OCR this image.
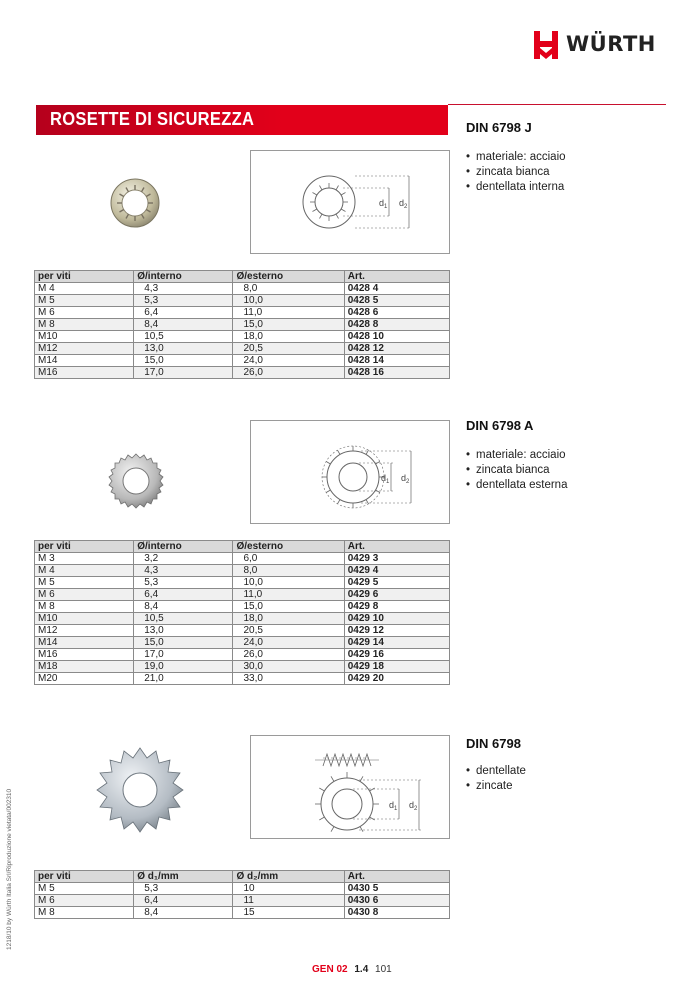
WÜRTH
ROSETTE DI SICUREZZA	DIN 6798 J
• materiale: acciaio
• zincata bianca
• dentellata interna
$d_1$ $d_2$
per viti	Ø/interno	Ø/esterno	Art.
M 4	4,3	8,0	0428 4
M 5	5,3	10,0	0428 5
M 6	6,4	11,0	0428 6
M 8	8,4	15,0	0428 8
M10	10,5	18,0	0428 10
M12	13,0	20,5	0428 12
M14	15,0	24,0	0428 14
M16	17,0	26,0	0428 16
DIN 6798 A
• materiale: acciaio
• zincata bianca
• dentellata esterna
$d_1$ $d_2$
per viti	Ø/interno	Ø/esterno	Art.
M 3	3,2	6,0	0429 3
M 4	4,3	8,0	0429 4
M 5	5,3	10,0	0429 5
M 6	6,4	11,0	0429 6
M 8	8,4	15,0	0429 8
M10	10,5	18,0	0429 10
M12	13,0	20,5	0429 12
M14	15,0	24,0	0429 14
M16	17,0	26,0	0429 16
M18	19,0	30,0	0429 18
M20	21,0	33,0	0429 20
DIN 6798
• dentellate
• zincate
$d_1$ $d_2$
per viti	Ø d₁/mm	Ø d₂/mm	Art.
M 5	5,3	10	0430 5
M 6	6,4	11	0430 6
M 8	8,4	15	0430 8
1218/10 by Würth Italia Srl/Riproduzione vietata/002310
GEN 02 1.4 101
